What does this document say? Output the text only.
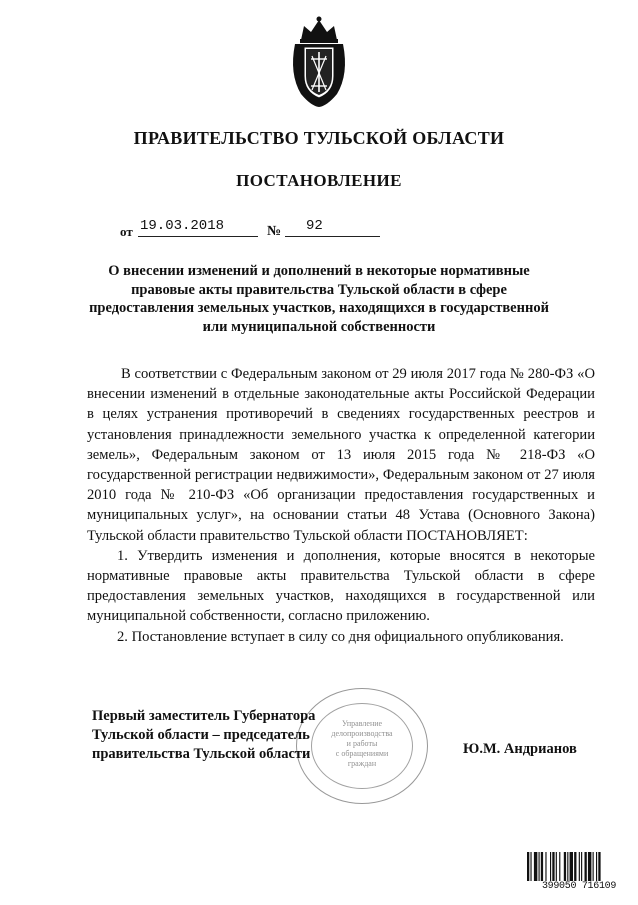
ПРАВИТЕЛЬСТВО ТУЛЬСКОЙ ОБЛАСТИ
ПОСТАНОВЛЕНИЕ
от 19.03.2018	№ 92
О внесении изменений и дополнений в некоторые нормативные
правовые акты правительства Тульской области в сфере
предоставления земельных участков, находящихся в государственной
или муниципальной собственности

В соответствии с Федеральным законом от 29 июля 2017 года № 280-ФЗ «О внесении изменений в отдельные законодательные акты Российской Федерации в целях устранения противоречий в сведениях государственных реестров и установления принадлежности земельного участка к определенной категории земель», Федеральным законом от 13 июля 2015 года № 218-ФЗ «О государственной регистрации недвижимости», Федеральным законом от 27 июля 2010 года № 210-ФЗ «Об организации предоставления государственных и муниципальных услуг», на основании статьи 48 Устава (Основного Закона) Тульской области правительство Тульской области ПОСТАНОВЛЯЕТ:

1. Утвердить изменения и дополнения, которые вносятся в некоторые нормативные правовые акты правительства Тульской области в сфере предоставления земельных участков, находящихся в государственной или муниципальной собственности, согласно приложению.

2. Постановление вступает в силу со дня официального опубликования.

Управление
делопроизводства
и работы
с обращениями
граждан
Первый заместитель Губернатора
Тульской области – председатель
правительства Тульской области	Ю.М. Андрианов
399050 716109
